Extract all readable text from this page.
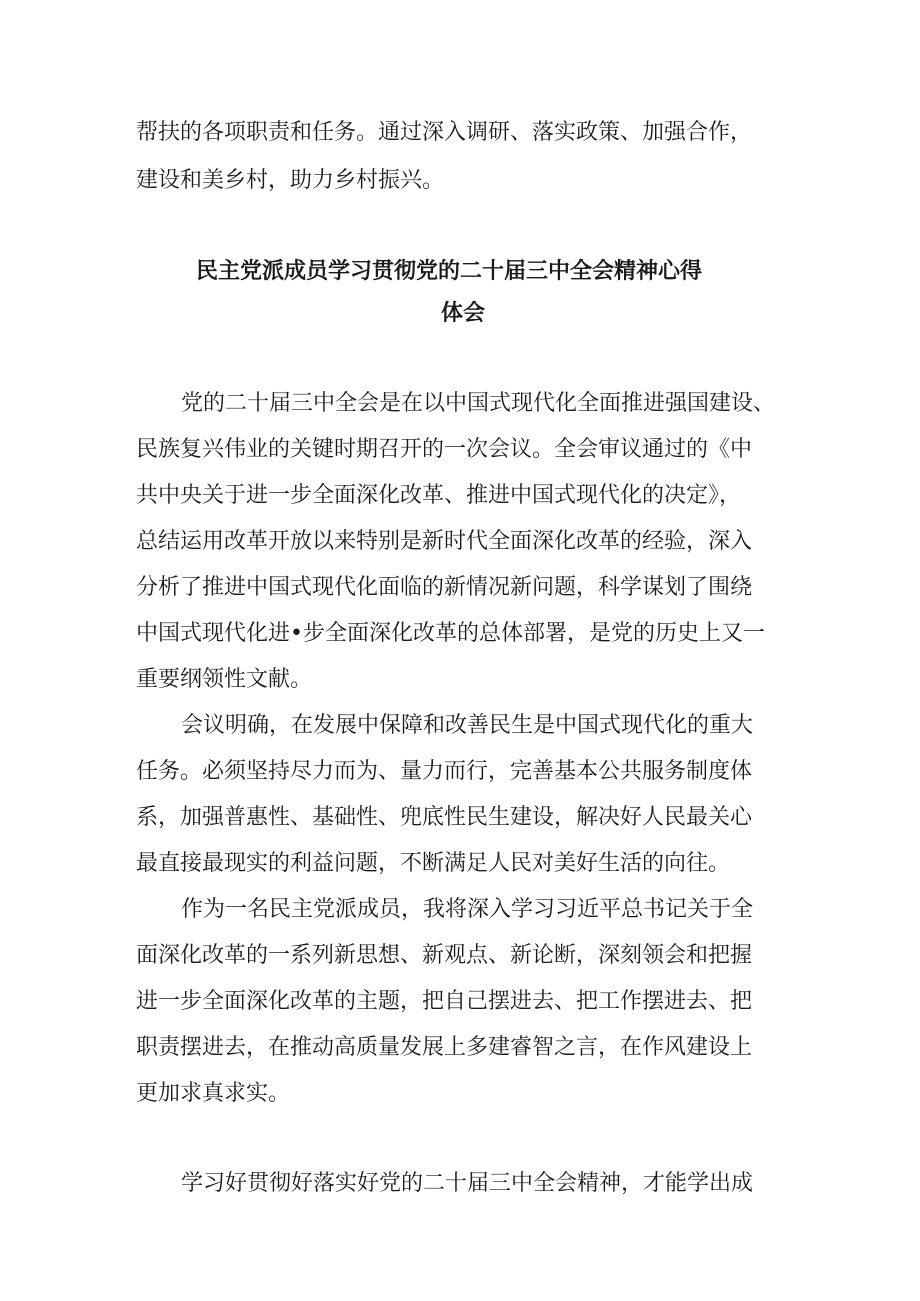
帮扶的各项职责和任务。通过深入调研、落实政策、加强合作，
建设和美乡村，助力乡村振兴。
民主党派成员学习贯彻党的二十届三中全会精神心得
体会
党的二十届三中全会是在以中国式现代化全面推进强国建设、
民族复兴伟业的关键时期召开的一次会议。全会审议通过的《中
共中央关于进一步全面深化改革、推进中国式现代化的决定》，
总结运用改革开放以来特别是新时代全面深化改革的经验，深入
分析了推进中国式现代化面临的新情况新问题，科学谋划了围绕
中国式现代化进•步全面深化改革的总体部署，是党的历史上又一
重要纲领性文献。
会议明确，在发展中保障和改善民生是中国式现代化的重大
任务。必须坚持尽力而为、量力而行，完善基本公共服务制度体
系，加强普惠性、基础性、兜底性民生建设，解决好人民最关心
最直接最现实的利益问题，不断满足人民对美好生活的向往。
作为一名民主党派成员，我将深入学习习近平总书记关于全
面深化改革的一系列新思想、新观点、新论断，深刻领会和把握
进一步全面深化改革的主题，把自己摆进去、把工作摆进去、把
职责摆进去，在推动高质量发展上多建睿智之言，在作风建设上
更加求真求实。
学习好贯彻好落实好党的二十届三中全会精神，才能学出成
